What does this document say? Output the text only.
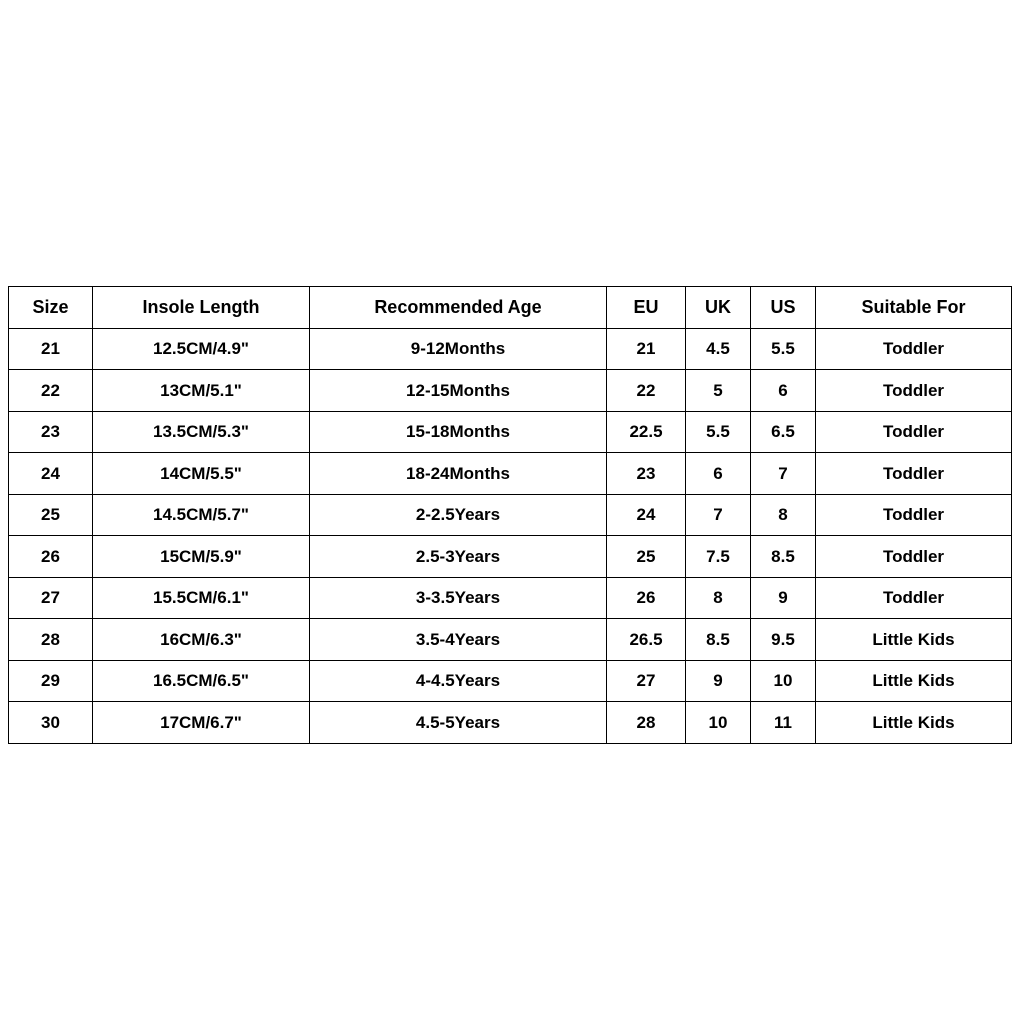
Size	Insole Length	Recommended Age	EU	UK	US	Suitable For
21	12.5CM/4.9"	9-12Months	21	4.5	5.5	Toddler
22	13CM/5.1"	12-15Months	22	5	6	Toddler
23	13.5CM/5.3"	15-18Months	22.5	5.5	6.5	Toddler
24	14CM/5.5"	18-24Months	23	6	7	Toddler
25	14.5CM/5.7"	2-2.5Years	24	7	8	Toddler
26	15CM/5.9"	2.5-3Years	25	7.5	8.5	Toddler
27	15.5CM/6.1"	3-3.5Years	26	8	9	Toddler
28	16CM/6.3"	3.5-4Years	26.5	8.5	9.5	Little Kids
29	16.5CM/6.5"	4-4.5Years	27	9	10	Little Kids
30	17CM/6.7"	4.5-5Years	28	10	11	Little Kids
